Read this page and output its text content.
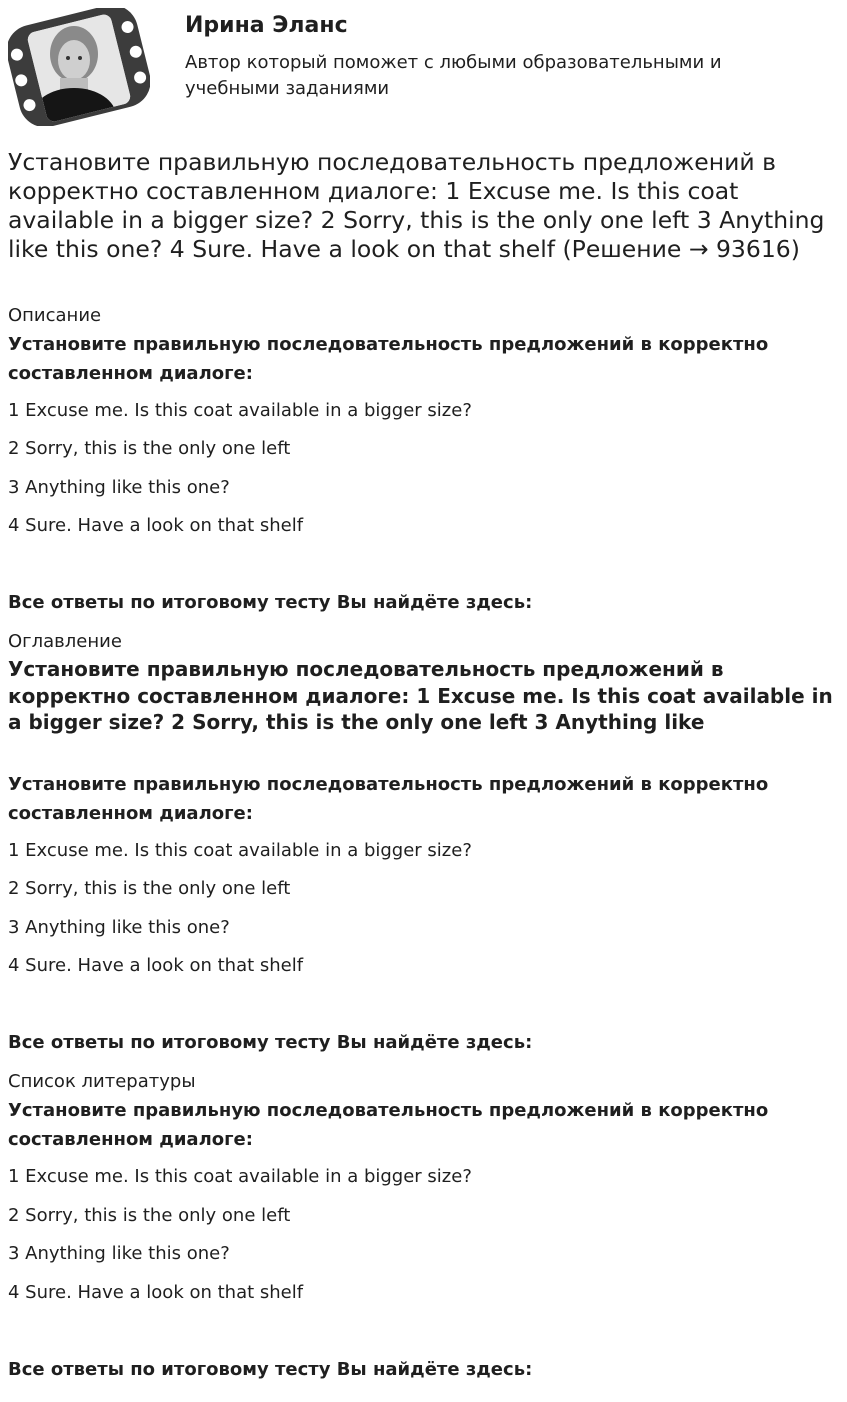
Ирина Эланс

Автор который поможет с любыми образовательными и учебными заданиями

Установите правильную последовательность предложений в корректно составленном диалоге: 1 Excuse me. Is this coat available in a bigger size? 2 Sorry, this is the only one left 3 Anything like this one? 4 Sure. Have a look on that shelf (Решение → 93616)
Описание
Установите правильную последовательность предложений в корректно составленном диалоге:
1 Excuse me. Is this coat available in a bigger size?
2 Sorry, this is the only one left
3 Anything like this one?
4 Sure. Have a look on that shelf
Все ответы по итоговому тесту Вы найдёте здесь:
Оглавление
Установите правильную последовательность предложений в корректно составленном диалоге: 1 Excuse me. Is this coat available in a bigger size? 2 Sorry, this is the only one left 3 Anything like
Установите правильную последовательность предложений в корректно составленном диалоге:
1 Excuse me. Is this coat available in a bigger size?
2 Sorry, this is the only one left
3 Anything like this one?
4 Sure. Have a look on that shelf
Все ответы по итоговому тесту Вы найдёте здесь:
Список литературы
Установите правильную последовательность предложений в корректно составленном диалоге:
1 Excuse me. Is this coat available in a bigger size?
2 Sorry, this is the only one left
3 Anything like this one?
4 Sure. Have a look on that shelf
Все ответы по итоговому тесту Вы найдёте здесь:
